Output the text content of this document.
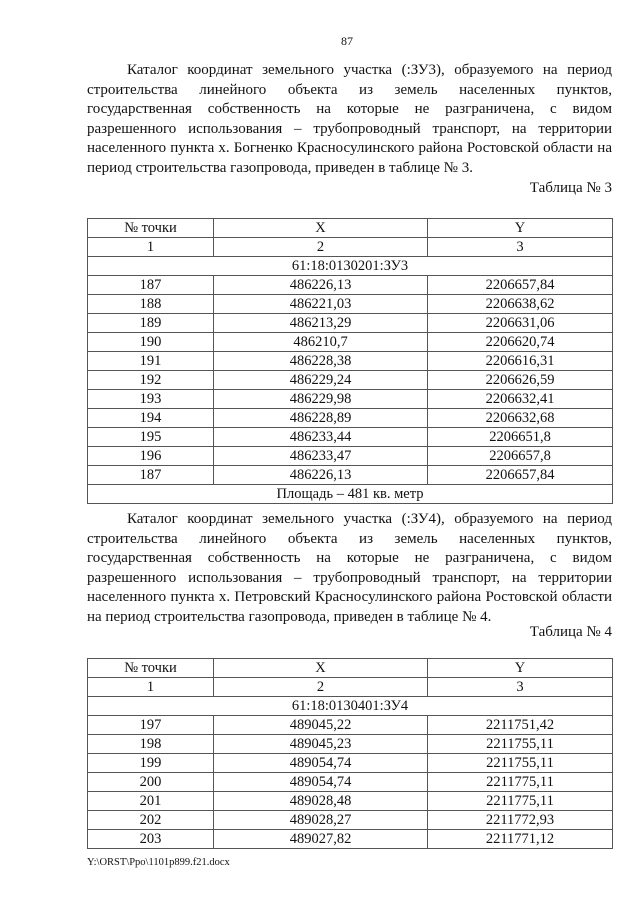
87

Каталог координат земельного участка (:ЗУ3), образуемого на период строительства линейного объекта из земель населенных пунктов, государственная собственность на которые не разграничена, с видом разрешенного использования – трубопроводный транспорт, на территории населенного пункта х. Богненко Красносулинского района Ростовской области на период строительства газопровода, приведен в таблице № 3.

Таблица № 3
№ точки	X	Y
1	2	3
61:18:0130201:ЗУ3		
187	486226,13	2206657,84
188	486221,03	2206638,62
189	486213,29	2206631,06
190	486210,7	2206620,74
191	486228,38	2206616,31
192	486229,24	2206626,59
193	486229,98	2206632,41
194	486228,89	2206632,68
195	486233,44	2206651,8
196	486233,47	2206657,8
187	486226,13	2206657,84
Площадь – 481 кв. метр		

Каталог координат земельного участка (:ЗУ4), образуемого на период строительства линейного объекта из земель населенных пунктов, государственная собственность на которые не разграничена, с видом разрешенного использования – трубопроводный транспорт, на территории населенного пункта х. Петровский Красносулинского района Ростовской области на период строительства газопровода, приведен в таблице № 4.

Таблица № 4
№ точки	X	Y
1	2	3
61:18:0130401:ЗУ4		
197	489045,22	2211751,42
198	489045,23	2211755,11
199	489054,74	2211755,11
200	489054,74	2211775,11
201	489028,48	2211775,11
202	489028,27	2211772,93
203	489027,82	2211771,12
Y:\ORST\Ppo\1101p899.f21.docx
